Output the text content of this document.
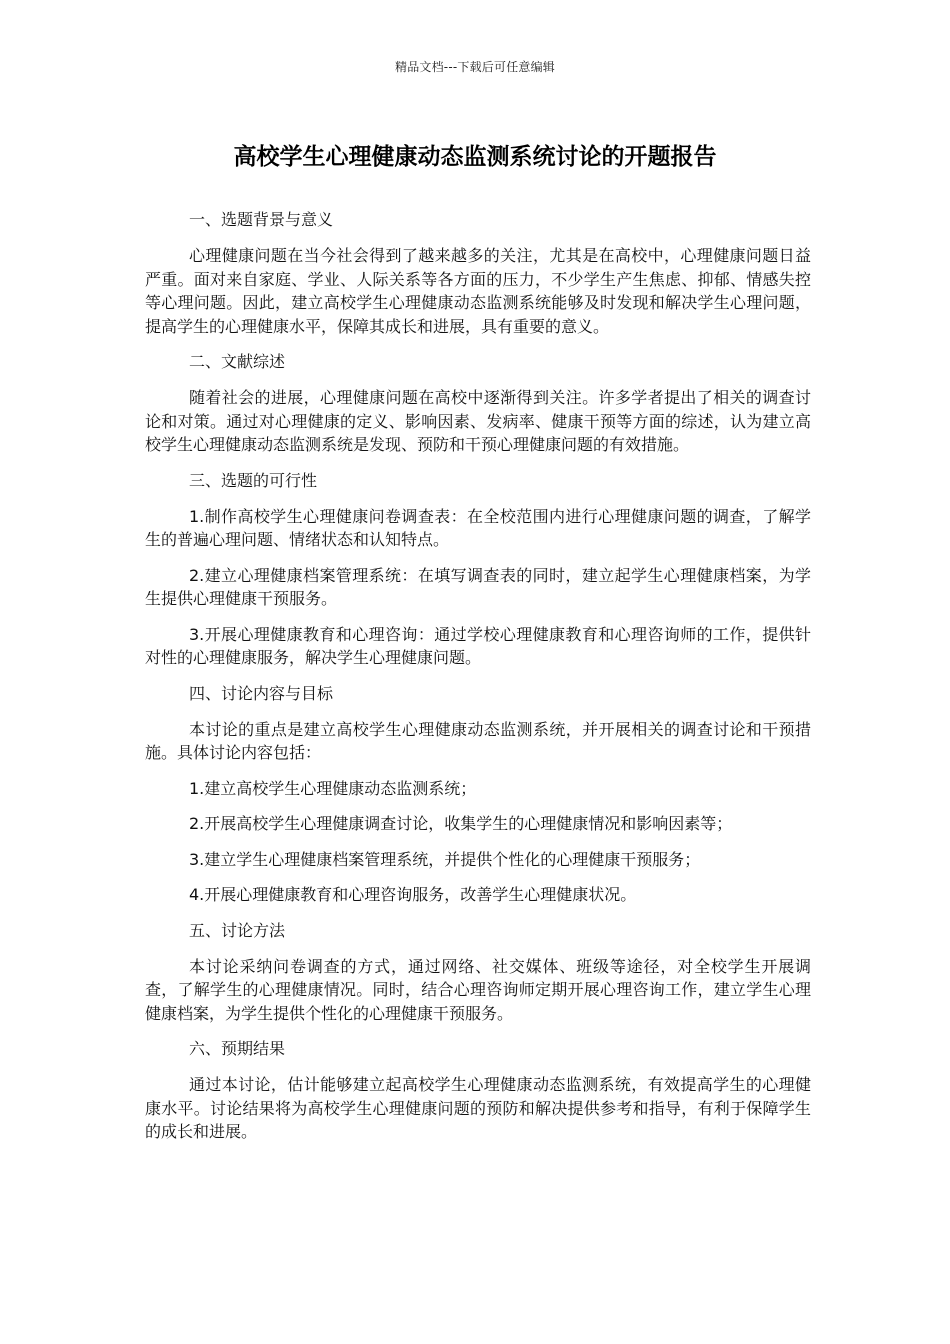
精品文档---下载后可任意编辑
高校学生心理健康动态监测系统讨论的开题报告
一、选题背景与意义

心理健康问题在当今社会得到了越来越多的关注，尤其是在高校中，心理健康问题日益严重。面对来自家庭、学业、人际关系等各方面的压力，不少学生产生焦虑、抑郁、情感失控等心理问题。因此，建立高校学生心理健康动态监测系统能够及时发现和解决学生心理问题，提高学生的心理健康水平，保障其成长和进展，具有重要的意义。

二、文献综述

随着社会的进展，心理健康问题在高校中逐渐得到关注。许多学者提出了相关的调查讨论和对策。通过对心理健康的定义、影响因素、发病率、健康干预等方面的综述，认为建立高校学生心理健康动态监测系统是发现、预防和干预心理健康问题的有效措施。

三、选题的可行性

1.制作高校学生心理健康问卷调查表：在全校范围内进行心理健康问题的调查，了解学生的普遍心理问题、情绪状态和认知特点。

2.建立心理健康档案管理系统：在填写调查表的同时，建立起学生心理健康档案，为学生提供心理健康干预服务。

3.开展心理健康教育和心理咨询：通过学校心理健康教育和心理咨询师的工作，提供针对性的心理健康服务，解决学生心理健康问题。

四、讨论内容与目标

本讨论的重点是建立高校学生心理健康动态监测系统，并开展相关的调查讨论和干预措施。具体讨论内容包括：

1.建立高校学生心理健康动态监测系统；

2.开展高校学生心理健康调查讨论，收集学生的心理健康情况和影响因素等；

3.建立学生心理健康档案管理系统，并提供个性化的心理健康干预服务；

4.开展心理健康教育和心理咨询服务，改善学生心理健康状况。

五、讨论方法

本讨论采纳问卷调查的方式，通过网络、社交媒体、班级等途径，对全校学生开展调查，了解学生的心理健康情况。同时，结合心理咨询师定期开展心理咨询工作，建立学生心理健康档案，为学生提供个性化的心理健康干预服务。

六、预期结果

通过本讨论，估计能够建立起高校学生心理健康动态监测系统，有效提高学生的心理健康水平。讨论结果将为高校学生心理健康问题的预防和解决提供参考和指导，有利于保障学生的成长和进展。
